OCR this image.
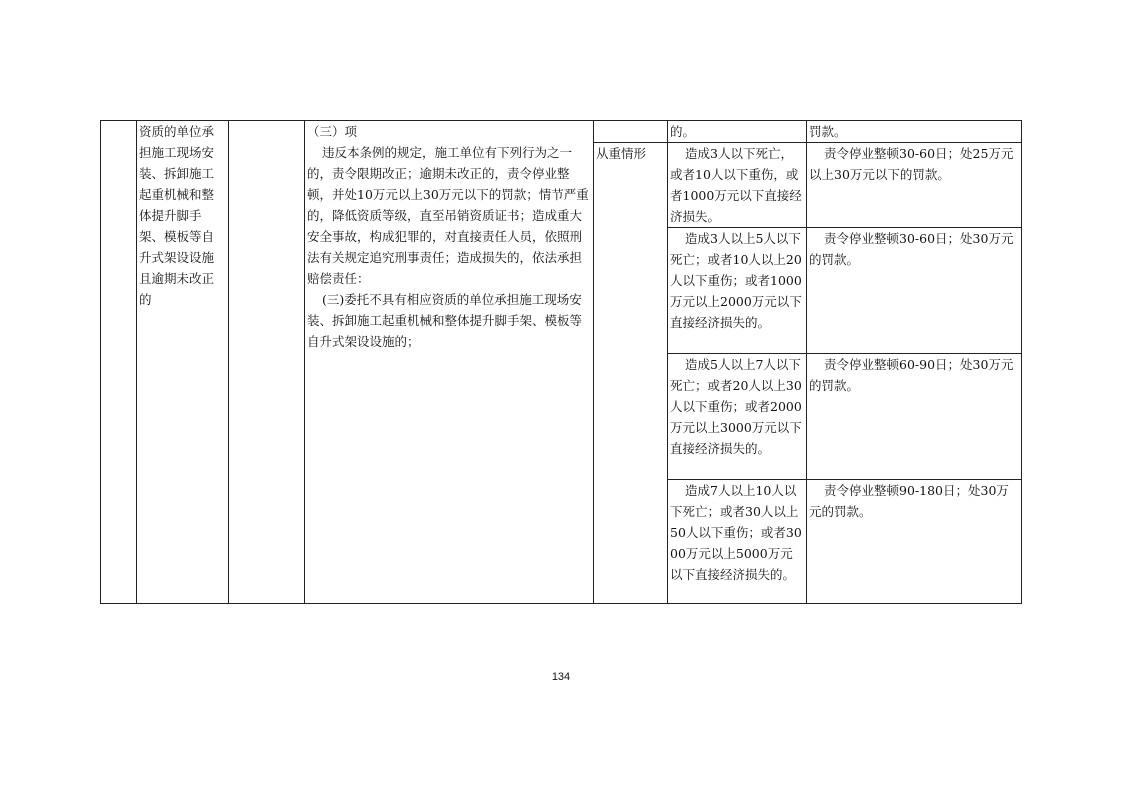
	资质的单位承担施工现场安装、拆卸施工起重机械和整体提升脚手架、模板等自升式架设设施且逾期未改正的		（三）项
违反本条例的规定，施工单位有下列行为之一的，责令限期改正；逾期未改正的，责令停业整顿，并处10万元以上30万元以下的罚款；情节严重的，降低资质等级，直至吊销资质证书；造成重大安全事故，构成犯罪的，对直接责任人员，依照刑法有关规定追究刑事责任；造成损失的，依法承担赔偿责任：
(三)委托不具有相应资质的单位承担施工现场安装、拆卸施工起重机械和整体提升脚手架、模板等自升式架设设施的；		的。	罚款。
				从重情形	造成3人以下死亡，或者10人以下重伤，或者1000万元以下直接经济损失。	责令停业整顿30-60日；处25万元以上30万元以下的罚款。
					造成3人以上5人以下死亡；或者10人以上20人以下重伤；或者1000万元以上2000万元以下直接经济损失的。	责令停业整顿30-60日；处30万元的罚款。
					造成5人以上7人以下死亡；或者20人以上30人以下重伤；或者2000万元以上3000万元以下直接经济损失的。	责令停业整顿60-90日；处30万元的罚款。
					造成7人以上10人以下死亡；或者30人以上50人以下重伤；或者3000万元以上5000万元以下直接经济损失的。	责令停业整顿90-180日；处30万元的罚款。
134
